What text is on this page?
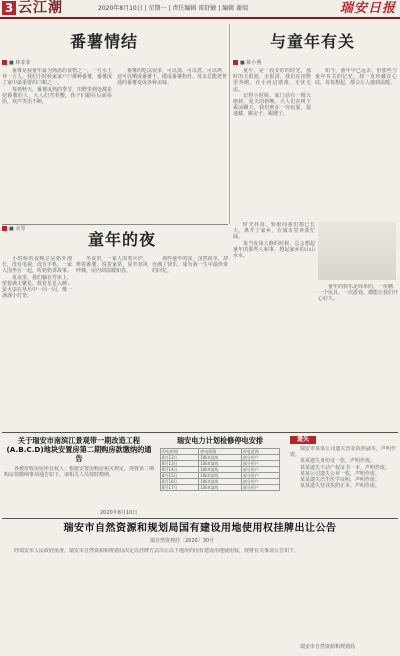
3 云江潮	2020年8月10日 | 星期一 | 责任编辑 雷舒敏 | 编辑 谢端	瑞安日报
番薯情结
■ 林菲菲

番薯是我童年最为熟悉的食物之一，一方水土养一方人，我们小时候家家户户都种番薯，番薯成了家中最重要的口粮之一。

每到秋天，番薯成熟的季节，田野里到处都是挖番薯的人，大人们弯着腰，孩子们跟在后面捡拾，欢声笑语不断。

番薯的吃法很多，可以蒸、可以煮、可以烤，还可以晒成番薯干、做成番薯粉丝。母亲总能把普通的番薯变成各种美味。

与童年有关
■ 陈小燕

童年，是一段美好的时光，那时的天很蓝，水很清，我们在田野里奔跑，在小河边嬉戏，无忧无虑。

记得小时候，家门前有一棵大榕树，夏天的傍晚，大人们在树下乘凉聊天，我们则在一旁玩耍，捉迷藏、跳房子、踢毽子。

如今，童年早已远去，但那些与童年有关的记忆，却一直珍藏在心底，每每想起，都会让人感到温暖。

童年的夜
■ 余琴

小时候的夜晚总是格外漫长，没有电视，没有手机，一家人围坐在一起，听奶奶讲故事。

夏夜里，我们躺在竹床上，望着满天繁星，数着星星入睡；萤火虫在草丛中一闪一闪，像一盏盏小灯笼。

冬夜里，一家人围着火炉，烤着番薯，说着家常，屋外寒风呼啸，屋内却温暖如春。

那些童年的夜，虽然简单，却充满了快乐，成为我一生中最珍贵的回忆。

时光荏苒，转眼间我们都已长大，离开了家乡，在城市里奔波忙碌。

每当夜深人静的时候，总会想起童年的那些人和事，想起家乡的山山水水。

童年的快乐是简单的，一块糖、一个玩具、一次游戏，都能让我们开心好久。

关于瑞安市南滨江景观带一期改造工程(A.B.C.D)地块安置房第二期购房款缴纳的通告

各被征收房屋所有权人：根据安置房购房相关规定，现将第二期购房款缴纳事项通告如下，请相关人员按时缴纳。

2020年8月10日
瑞安电力计划检修停电安排
停电时间	停电线路	停电范围
8月12日	10kV某线	部分用户
8月13日	10kV某线	部分用户
8月14日	10kV某线	部分用户
8月15日	10kV某线	部分用户
8月16日	10kV某线	部分用户
8月17日	10kV某线	部分用户
遗失

瑞安市某某公司遗失营业执照副本，声明作废。

某某遗失身份证一张，声明作废。

某某遗失不动产权证书一本，声明作废。

某某公司遗失公章一枚，声明作废。

某某遗失出生医学证明，声明作废。

某某遗失营业执照正本，声明作废。

瑞安市自然资源和规划局国有建设用地使用权挂牌出让公告
瑞自然资规挂〔2020〕30号

经瑞安市人民政府批准，瑞安市自然资源和规划局决定以挂牌方式出让以下地块的国有建设用地使用权，现将有关事项公告如下。

瑞安市自然资源和规划局
